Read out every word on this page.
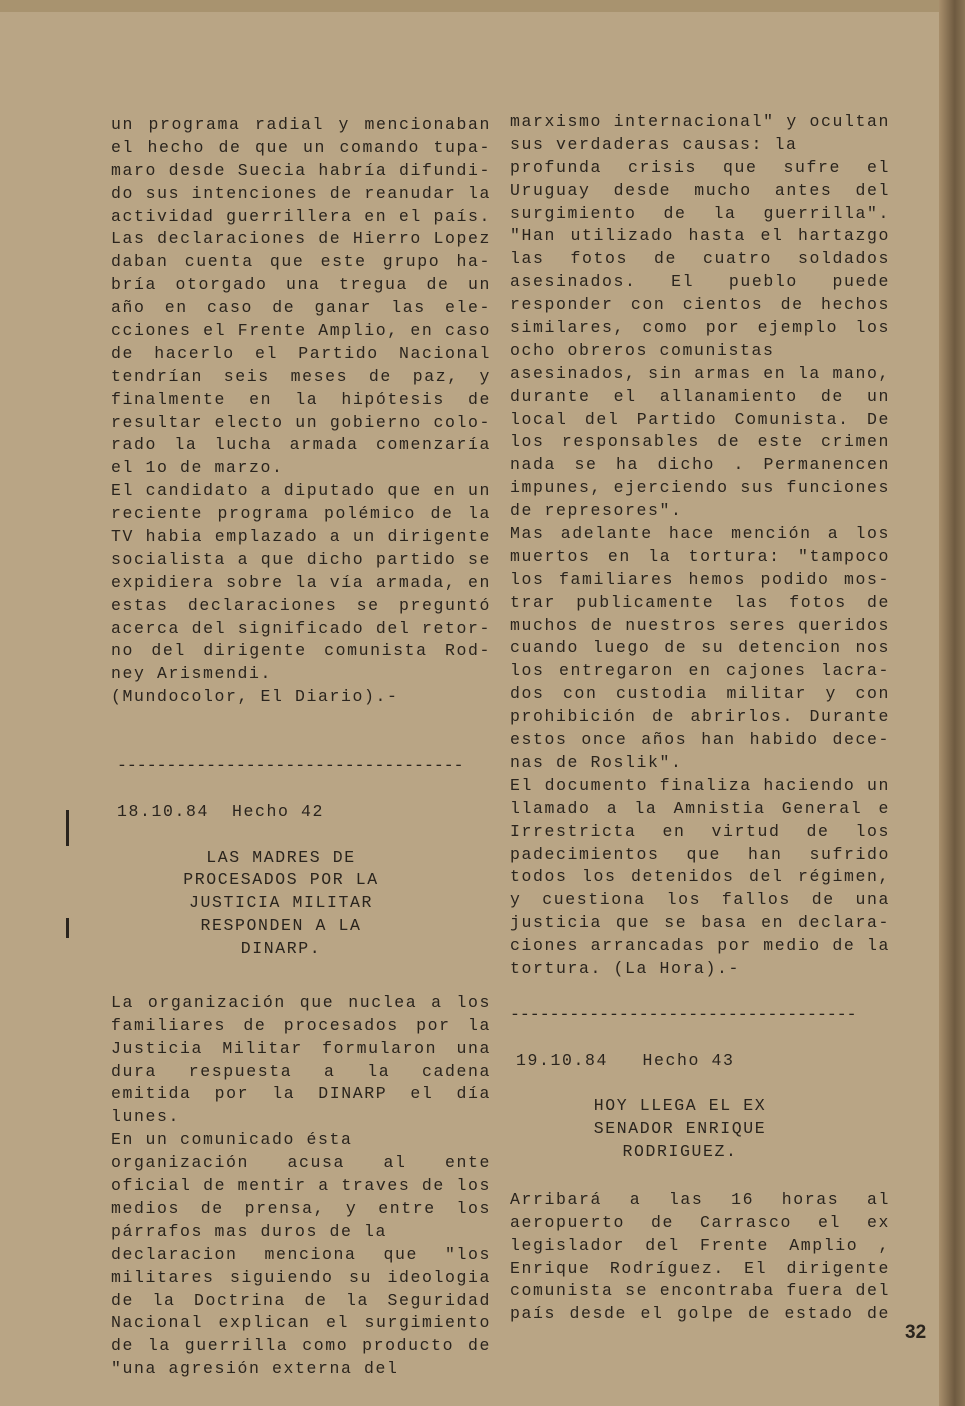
un programa radial y mencionaban
el hecho de que un comando tupa-
maro desde Suecia habría difundi-
do sus intenciones de reanudar la
actividad guerrillera en el país.
Las declaraciones de Hierro Lopez
daban cuenta que este grupo ha-
bría otorgado una tregua de un
año en caso de ganar las ele-
cciones el Frente Amplio, en caso
de hacerlo el Partido Nacional
tendrían seis meses de paz, y
finalmente en la hipótesis de
resultar electo un gobierno colo-
rado la lucha armada comenzaría
el 1o de marzo.
El candidato a diputado que en un
reciente programa polémico de la
TV habia emplazado a un dirigente
socialista a que dicho partido se
expidiera sobre la vía armada, en
estas declaraciones se preguntó
acerca del significado del retor-
no del dirigente comunista Rod-
ney Arismendi.
(Mundocolor, El Diario).-
-----------------------------------
18.10.84 Hecho 42
LAS MADRES DE
PROCESADOS POR LA
JUSTICIA MILITAR
RESPONDEN A LA
DINARP.
La organización que nuclea a los
familiares de procesados por la
Justicia Militar formularon una
dura respuesta a la cadena
emitida por la DINARP el día
lunes.
En un comunicado ésta
organización acusa al ente
oficial de mentir a traves de los
medios de prensa, y entre los
párrafos mas duros de la
declaracion menciona que "los
militares siguiendo su ideologia
de la Doctrina de la Seguridad
Nacional explican el surgimiento
de la guerrilla como producto de
"una agresión externa del
marxismo internacional" y ocultan
sus verdaderas causas: la
profunda crisis que sufre el
Uruguay desde mucho antes del
surgimiento de la guerrilla".
"Han utilizado hasta el hartazgo
las fotos de cuatro soldados
asesinados. El pueblo puede
responder con cientos de hechos
similares, como por ejemplo los
ocho obreros comunistas
asesinados, sin armas en la mano,
durante el allanamiento de un
local del Partido Comunista. De
los responsables de este crimen
nada se ha dicho . Permanencen
impunes, ejerciendo sus funciones
de represores".
Mas adelante hace mención a los
muertos en la tortura: "tampoco
los familiares hemos podido mos-
trar publicamente las fotos de
muchos de nuestros seres queridos
cuando luego de su detencion nos
los entregaron en cajones lacra-
dos con custodia militar y con
prohibición de abrirlos. Durante
estos once años han habido dece-
nas de Roslik".
El documento finaliza haciendo un
llamado a la Amnistia General e
Irrestricta en virtud de los
padecimientos que han sufrido
todos los detenidos del régimen,
y cuestiona los fallos de una
justicia que se basa en declara-
ciones arrancadas por medio de la
tortura. (La Hora).-
-----------------------------------
19.10.84 Hecho 43
HOY LLEGA EL EX
SENADOR ENRIQUE
RODRIGUEZ.
Arribará a las 16 horas al
aeropuerto de Carrasco el ex
legislador del Frente Amplio ,
Enrique Rodríguez. El dirigente
comunista se encontraba fuera del
país desde el golpe de estado de
32
